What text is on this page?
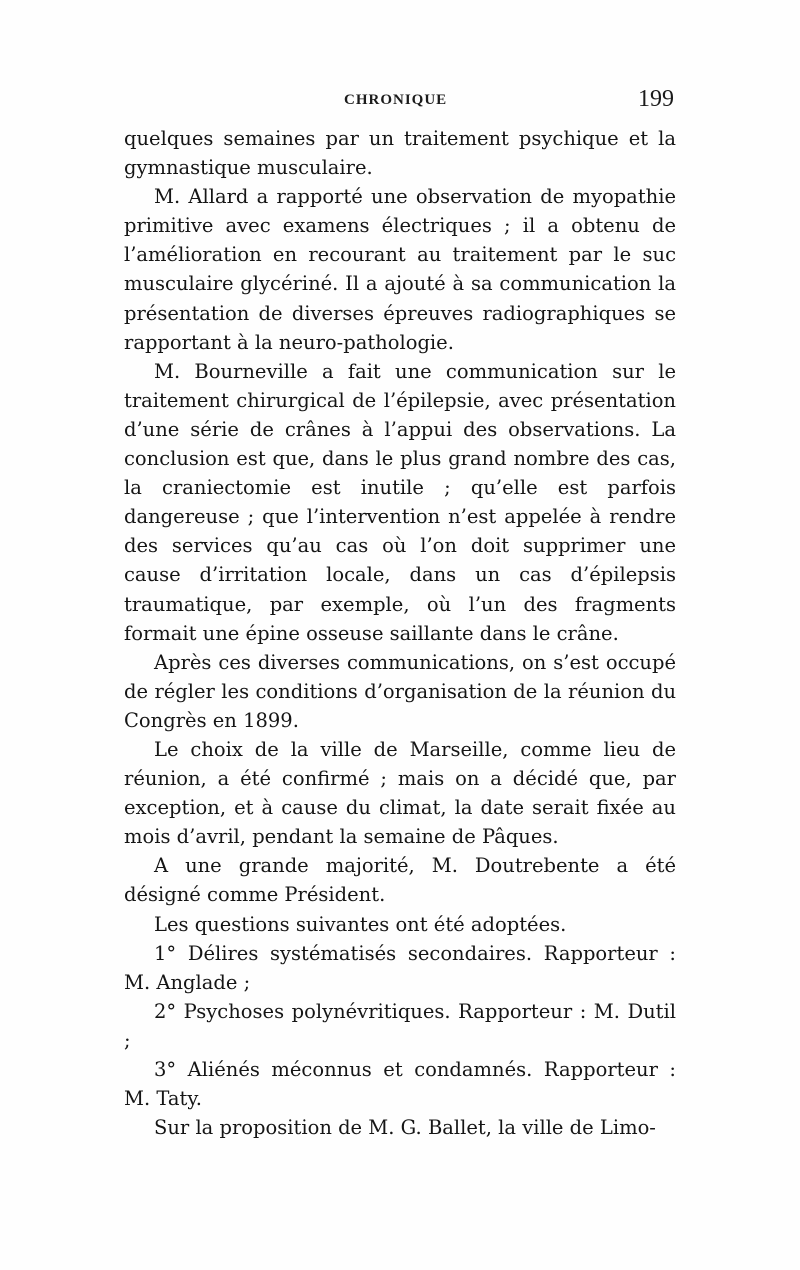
CHRONIQUE	199

quelques semaines par un traitement psychique et la gymnastique musculaire.

M. Allard a rapporté une observation de myopathie primitive avec examens électriques ; il a obtenu de l’amélioration en recourant au traitement par le suc musculaire glycériné. Il a ajouté à sa communication la présentation de diverses épreuves radiographiques se rapportant à la neuro-pathologie.

M. Bourneville a fait une communication sur le traitement chirurgical de l’épilepsie, avec présentation d’une série de crânes à l’appui des observations. La conclusion est que, dans le plus grand nombre des cas, la craniectomie est inutile ; qu’elle est parfois dangereuse ; que l’intervention n’est appelée à rendre des services qu’au cas où l’on doit supprimer une cause d’irritation locale, dans un cas d’épilepsis traumatique, par exemple, où l’un des fragments formait une épine osseuse saillante dans le crâne.

Après ces diverses communications, on s’est occupé de régler les conditions d’organisation de la réunion du Congrès en 1899.

Le choix de la ville de Marseille, comme lieu de réunion, a été confirmé ; mais on a décidé que, par exception, et à cause du climat, la date serait fixée au mois d’avril, pendant la semaine de Pâques.

A une grande majorité, M. Doutrebente a été désigné comme Président.

Les questions suivantes ont été adoptées.

1° Délires systématisés secondaires. Rapporteur : M. Anglade ;

2° Psychoses polynévritiques. Rapporteur : M. Dutil ;

3° Aliénés méconnus et condamnés. Rapporteur : M. Taty.

Sur la proposition de M. G. Ballet, la ville de Limo-
